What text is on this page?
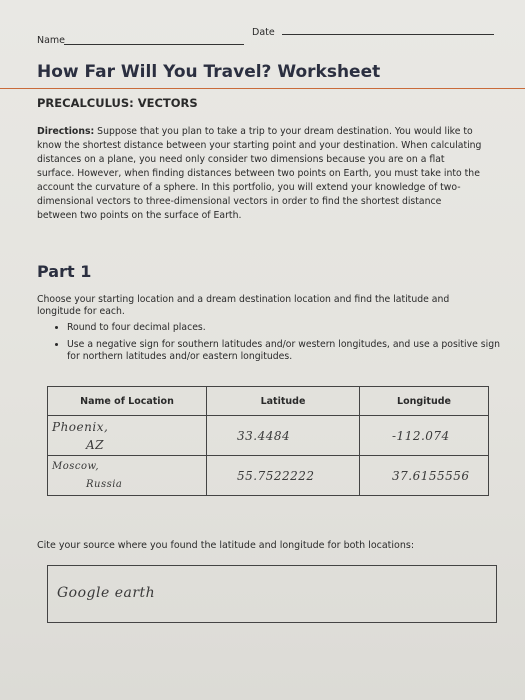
Name
Date
How Far Will You Travel? Worksheet
PRECALCULUS: VECTORS
Directions: Suppose that you plan to take a trip to your dream destination. You would like to know the shortest distance between your starting point and your destination. When calculating distances on a plane, you need only consider two dimensions because you are on a flat surface. However, when finding distances between two points on Earth, you must take into the account the curvature of a sphere. In this portfolio, you will extend your knowledge of two-dimensional vectors to three-dimensional vectors in order to find the shortest distance between two points on the surface of Earth.
Part 1
Choose your starting location and a dream destination location and find the latitude and longitude for each.
• Round to four decimal places.
• Use a negative sign for southern latitudes and/or western longitudes, and use a positive sign for northern latitudes and/or eastern longitudes.
Name of Location	Latitude	Longitude

Phoenix,
AZ	33.4484	-112.074

Moscow,
Russia	55.7522222	37.6155556
Cite your source where you found the latitude and longitude for both locations:
Google earth
